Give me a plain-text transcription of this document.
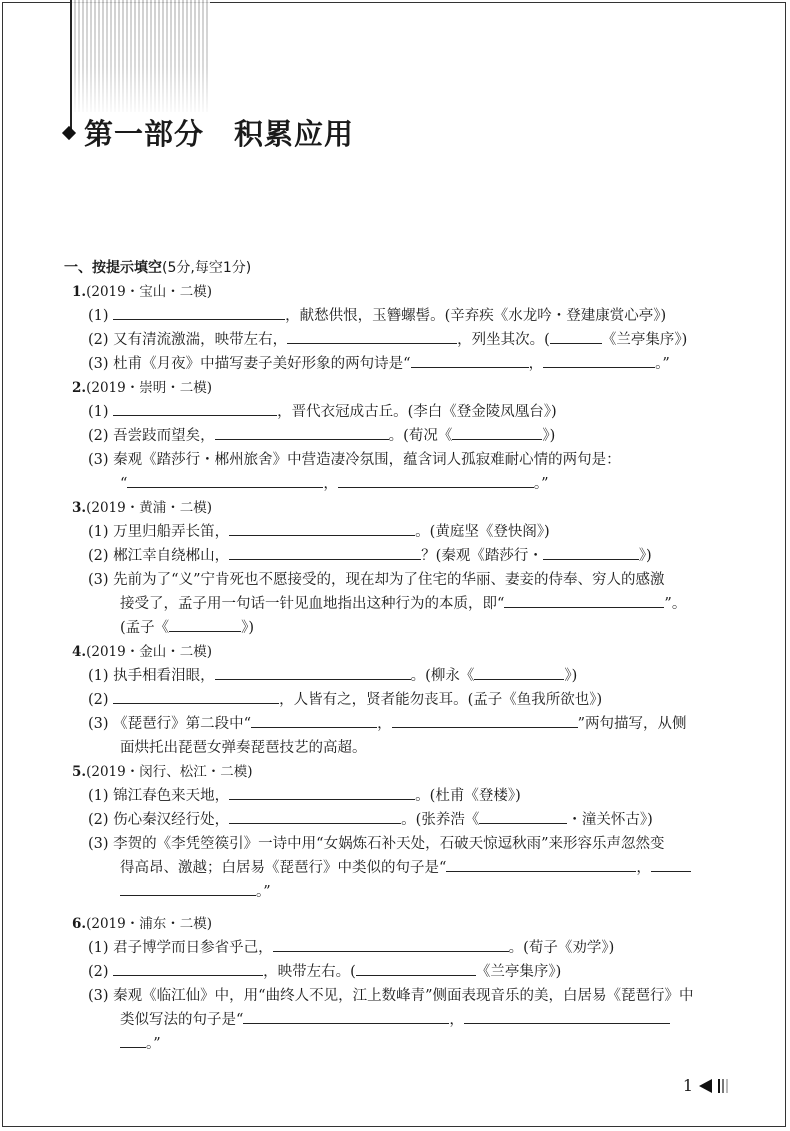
第一部分　积累应用
一、按提示填空(5分,每空1分)
1.(2019・宝山・二模)
(1)	，献愁供恨，玉簪螺髻。(辛弃疾《水龙吟・登建康赏心亭》)
(2) 又有清流激湍，映带左右，	，列坐其次。(	《兰亭集序》)
(3) 杜甫《月夜》中描写妻子美好形象的两句诗是“	，	。”
2.(2019・崇明・二模)
(1)	，晋代衣冠成古丘。(李白《登金陵凤凰台》)
(2) 吾尝跂而望矣，	。(荀况《	》)
(3) 秦观《踏莎行・郴州旅舍》中营造凄冷氛围，蕴含词人孤寂难耐心情的两句是：
“	，	。”
3.(2019・黄浦・二模)
(1) 万里归船弄长笛，	。(黄庭坚《登快阁》)
(2) 郴江幸自绕郴山，	？(秦观《踏莎行・	》)
(3) 先前为了“义”宁肯死也不愿接受的，现在却为了住宅的华丽、妻妾的侍奉、穷人的感激
接受了，孟子用一句话一针见血地指出这种行为的本质，即“	”。
(孟子《	》)
4.(2019・金山・二模)
(1) 执手相看泪眼，	。(柳永《	》)
(2)	，人皆有之，贤者能勿丧耳。(孟子《鱼我所欲也》)
(3) 《琵琶行》第二段中“	，	”两句描写，从侧
面烘托出琵琶女弹奏琵琶技艺的高超。
5.(2019・闵行、松江・二模)
(1) 锦江春色来天地，	。(杜甫《登楼》)
(2) 伤心秦汉经行处，	。(张养浩《	・潼关怀古》)
(3) 李贺的《李凭箜篌引》一诗中用“女娲炼石补天处，石破天惊逗秋雨”来形容乐声忽然变
得高昂、激越；白居易《琵琶行》中类似的句子是“	，
。”
6.(2019・浦东・二模)
(1) 君子博学而日参省乎己，	。(荀子《劝学》)
(2)	，映带左右。(	《兰亭集序》)
(3) 秦观《临江仙》中，用“曲终人不见，江上数峰青”侧面表现音乐的美，白居易《琵琶行》中
类似写法的句子是“	，
。”
1
